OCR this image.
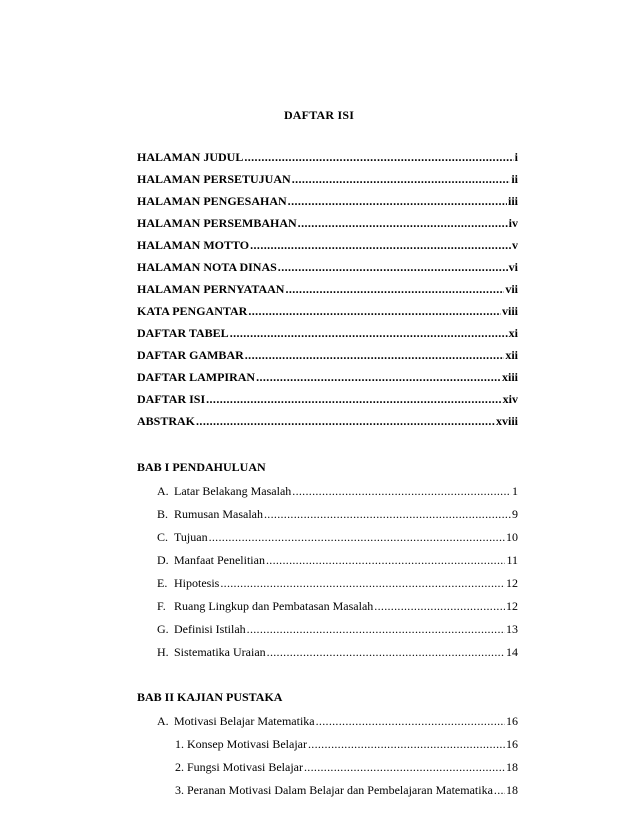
DAFTAR ISI
HALAMAN JUDUL .....	i
HALAMAN PERSETUJUAN .....	ii
HALAMAN PENGESAHAN .....	iii
HALAMAN PERSEMBAHAN .....	iv
HALAMAN MOTTO .....	v
HALAMAN NOTA DINAS .....	vi
HALAMAN PERNYATAAN .....	vii
KATA PENGANTAR .....	viii
DAFTAR TABEL .....	xi
DAFTAR GAMBAR .....	xii
DAFTAR LAMPIRAN .....	xiii
DAFTAR ISI .....	xiv
ABSTRAK .....	xviii
BAB I PENDAHULUAN
A. Latar Belakang Masalah .....	1
B. Rumusan Masalah .....	9
C. Tujuan .....	10
D. Manfaat Penelitian .....	11
E. Hipotesis .....	12
F. Ruang Lingkup dan Pembatasan Masalah .....	12
G. Definisi Istilah .....	13
H. Sistematika Uraian .....	14
BAB II KAJIAN PUSTAKA
A. Motivasi Belajar Matematika .....	16
1. Konsep Motivasi Belajar .....	16
2. Fungsi Motivasi Belajar .....	18
3. Peranan Motivasi Dalam Belajar dan Pembelajaran Matematika ..... 18
